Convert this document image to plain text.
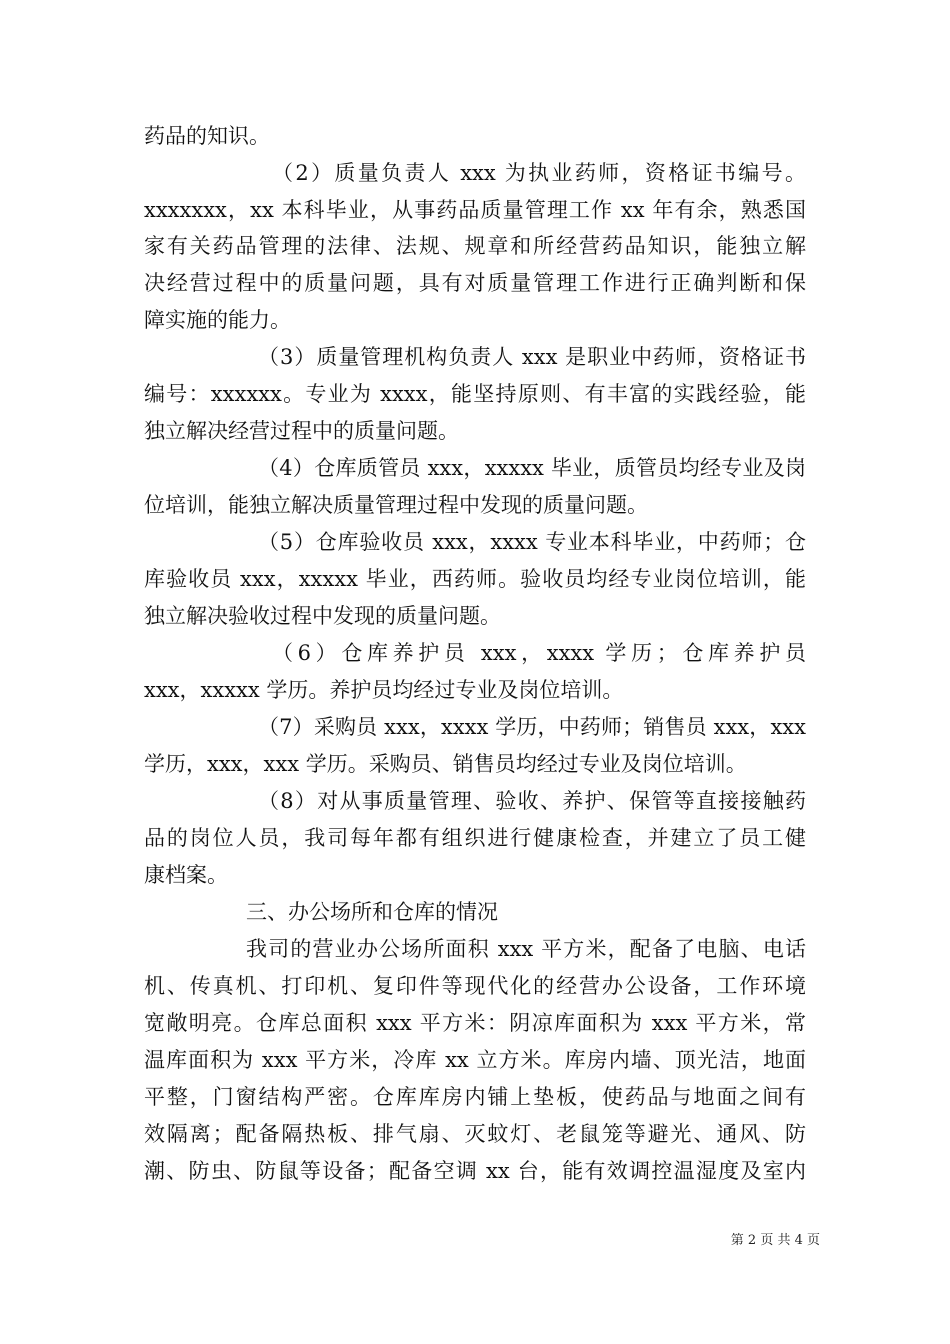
药品的知识。
（2）质量负责人 xxx 为执业药师，资格证书编号。
xxxxxxx，xx 本科毕业，从事药品质量管理工作 xx 年有余，熟悉国
家有关药品管理的法律、法规、规章和所经营药品知识，能独立解
决经营过程中的质量问题，具有对质量管理工作进行正确判断和保
障实施的能力。
（3）质量管理机构负责人 xxx 是职业中药师，资格证书
编号：xxxxxx。专业为 xxxx，能坚持原则、有丰富的实践经验，能
独立解决经营过程中的质量问题。
（4）仓库质管员 xxx，xxxxx 毕业，质管员均经专业及岗
位培训，能独立解决质量管理过程中发现的质量问题。
（5）仓库验收员 xxx，xxxx 专业本科毕业，中药师；仓
库验收员 xxx，xxxxx 毕业，西药师。验收员均经专业岗位培训，能
独立解决验收过程中发现的质量问题。
（6）仓库养护员 xxx，xxxx 学历；仓库养护员
xxx，xxxxx 学历。养护员均经过专业及岗位培训。
（7）采购员 xxx，xxxx 学历，中药师；销售员 xxx，xxx
学历，xxx，xxx 学历。采购员、销售员均经过专业及岗位培训。
（8）对从事质量管理、验收、养护、保管等直接接触药
品的岗位人员，我司每年都有组织进行健康检查，并建立了员工健
康档案。
三、办公场所和仓库的情况
我司的营业办公场所面积 xxx 平方米，配备了电脑、电话
机、传真机、打印机、复印件等现代化的经营办公设备，工作环境
宽敞明亮。仓库总面积 xxx 平方米：阴凉库面积为 xxx 平方米，常
温库面积为 xxx 平方米，冷库 xx 立方米。库房内墙、顶光洁，地面
平整，门窗结构严密。仓库库房内铺上垫板，使药品与地面之间有
效隔离；配备隔热板、排气扇、灭蚊灯、老鼠笼等避光、通风、防
潮、防虫、防鼠等设备；配备空调 xx 台，能有效调控温湿度及室内
第 2 页 共 4 页
